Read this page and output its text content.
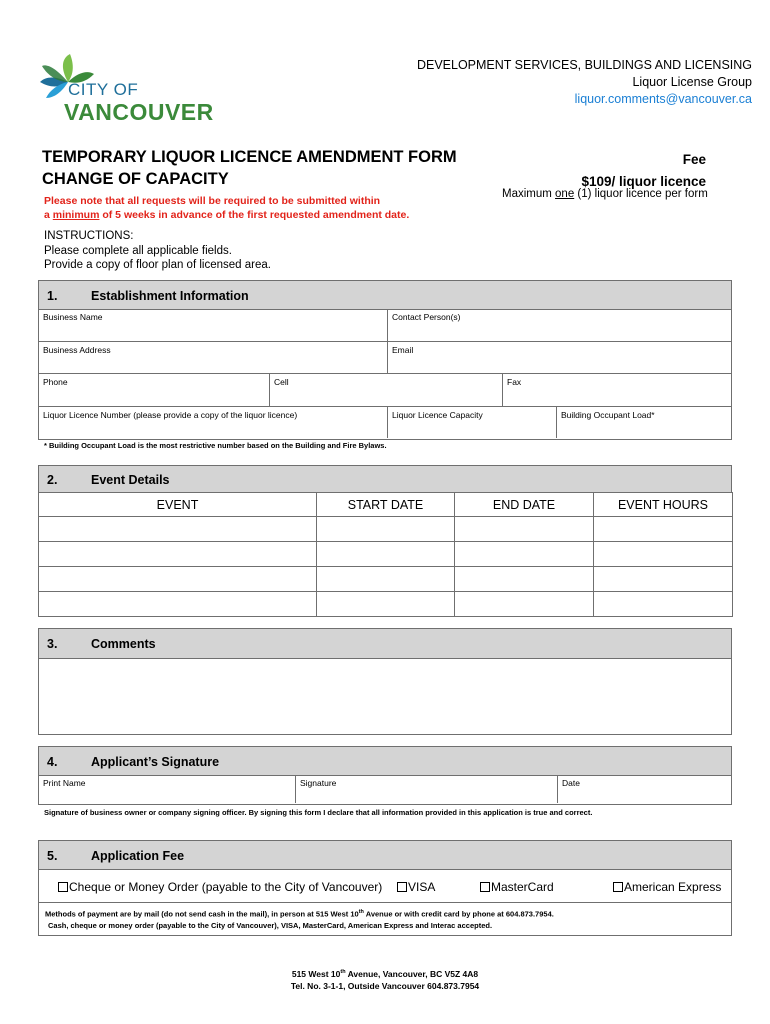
CITY OF
VANCOUVER
DEVELOPMENT SERVICES, BUILDINGS AND LICENSING
Liquor License Group
liquor.comments@vancouver.ca
TEMPORARY LIQUOR LICENCE AMENDMENT FORM
CHANGE OF CAPACITY
Fee
$109/ liquor licence
Maximum one (1) liquor licence per form
Please note that all requests will be required to be submitted within
a minimum of 5 weeks in advance of the first requested amendment date.
INSTRUCTIONS:
Please complete all applicable fields.
Provide a copy of floor plan of licensed area.
1.	Establishment Information
Business Name	Contact Person(s)
Business Address	Email
Phone	Cell	Fax
Liquor Licence Number (please provide a copy of the liquor licence)	Liquor Licence Capacity	Building Occupant Load*
* Building Occupant Load is the most restrictive number based on the Building and Fire Bylaws.
2.	Event Details
EVENT	START DATE	END DATE	EVENT HOURS

3.	Comments
4.	Applicant’s Signature
Print Name	Signature	Date
Signature of business owner or company signing officer. By signing this form I declare that all information provided in this application is true and correct.
5.	Application Fee
Cheque or Money Order (payable to the City of Vancouver)	VISA	MasterCard	American Express
Methods of payment are by mail (do not send cash in the mail), in person at 515 West 10th Avenue or with credit card by phone at 604.873.7954.
Cash, cheque or money order (payable to the City of Vancouver), VISA, MasterCard, American Express and Interac accepted.
515 West 10th Avenue, Vancouver, BC V5Z 4A8
Tel. No. 3-1-1, Outside Vancouver 604.873.7954
